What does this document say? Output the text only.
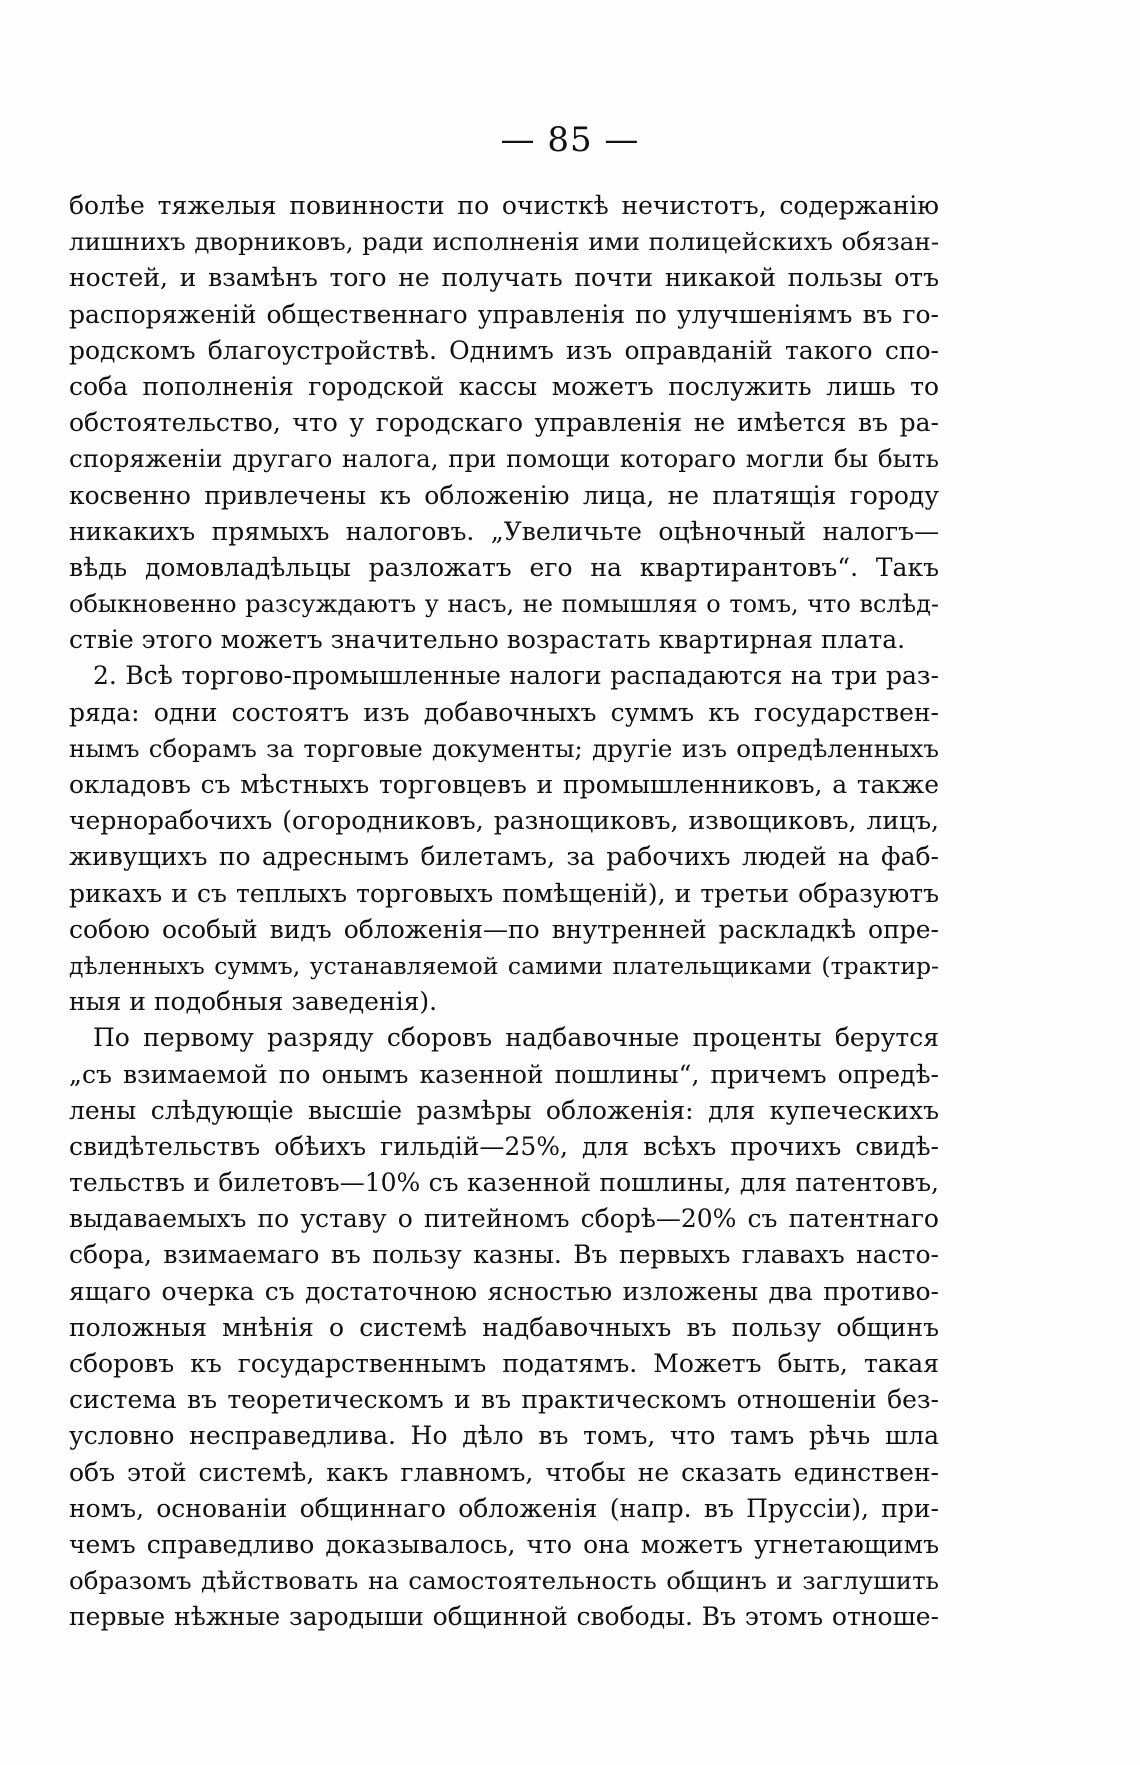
— 85 —
болѣе тяжелыя повинности по очисткѣ нечистотъ, содержанію
лишнихъ дворниковъ, ради исполненія ими полицейскихъ обязан-
ностей, и взамѣнъ того не получать почти никакой пользы отъ
распоряженій общественнаго управленія по улучшеніямъ въ го-
родскомъ благоустройствѣ. Однимъ изъ оправданій такого спо-
соба пополненія городской кассы можетъ послужить лишь то
обстоятельство, что у городскаго управленія не имѣется въ ра-
споряженіи другаго налога, при помощи котораго могли бы быть
косвенно привлечены къ обложенію лица, не платящія городу
никакихъ прямыхъ налоговъ. „Увеличьте оцѣночный налогъ—
вѣдь домовладѣльцы разложатъ его на квартирантовъ“. Такъ
обыкновенно разсуждаютъ у насъ, не помышляя о томъ, что вслѣд-
ствіе этого можетъ значительно возрастать квартирная плата.
2. Всѣ торгово-промышленные налоги распадаются на три раз-
ряда: одни состоятъ изъ добавочныхъ суммъ къ государствен-
нымъ сборамъ за торговые документы; другіе изъ опредѣленныхъ
окладовъ съ мѣстныхъ торговцевъ и промышленниковъ, а также
чернорабочихъ (огородниковъ, разнощиковъ, извощиковъ, лицъ,
живущихъ по адреснымъ билетамъ, за рабочихъ людей на фаб-
рикахъ и съ теплыхъ торговыхъ помѣщеній), и третьи образуютъ
собою особый видъ обложенія—по внутренней раскладкѣ опре-
дѣленныхъ суммъ, устанавляемой самими плательщиками (трактир-
ныя и подобныя заведенія).
По первому разряду сборовъ надбавочные проценты берутся
„съ взимаемой по онымъ казенной пошлины“, причемъ опредѣ-
лены слѣдующіе высшіе размѣры обложенія: для купеческихъ
свидѣтельствъ обѣихъ гильдій—25%, для всѣхъ прочихъ свидѣ-
тельствъ и билетовъ—10% съ казенной пошлины, для патентовъ,
выдаваемыхъ по уставу о питейномъ сборѣ—20% съ патентнаго
сбора, взимаемаго въ пользу казны. Въ первыхъ главахъ насто-
ящаго очерка съ достаточною ясностью изложены два противо-
положныя мнѣнія о системѣ надбавочныхъ въ пользу общинъ
сборовъ къ государственнымъ податямъ. Можетъ быть, такая
система въ теоретическомъ и въ практическомъ отношеніи без-
условно несправедлива. Но дѣло въ томъ, что тамъ рѣчь шла
объ этой системѣ, какъ главномъ, чтобы не сказать единствен-
номъ, основаніи общиннаго обложенія (напр. въ Пруссіи), при-
чемъ справедливо доказывалось, что она можетъ угнетающимъ
образомъ дѣйствовать на самостоятельность общинъ и заглушить
первые нѣжные зародыши общинной свободы. Въ этомъ отноше-
